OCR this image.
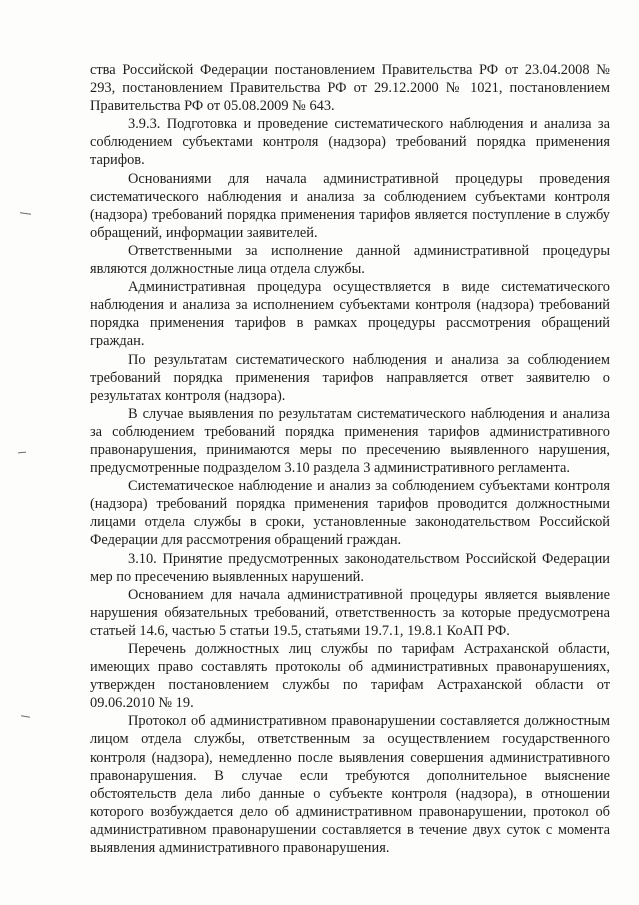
ства Российской Федерации постановлением Правительства РФ от 23.04.2008 № 293, постановлением Правительства РФ от 29.12.2000 № 1021, постановлением Правительства РФ от 05.08.2009 № 643.

3.9.3. Подготовка и проведение систематического наблюдения и анализа за соблюдением субъектами контроля (надзора) требований порядка применения тарифов.

Основаниями для начала административной процедуры проведения систематического наблюдения и анализа за соблюдением субъектами контроля (надзора) требований порядка применения тарифов является поступление в службу обращений, информации заявителей.

Ответственными за исполнение данной административной процедуры являются должностные лица отдела службы.

Административная процедура осуществляется в виде систематического наблюдения и анализа за исполнением субъектами контроля (надзора) требований порядка применения тарифов в рамках процедуры рассмотрения обращений граждан.

По результатам систематического наблюдения и анализа за соблюдением требований порядка применения тарифов направляется ответ заявителю о результатах контроля (надзора).

В случае выявления по результатам систематического наблюдения и анализа за соблюдением требований порядка применения тарифов административного правонарушения, принимаются меры по пресечению выявленного нарушения, предусмотренные подразделом 3.10 раздела 3 административного регламента.

Систематическое наблюдение и анализ за соблюдением субъектами контроля (надзора) требований порядка применения тарифов проводится должностными лицами отдела службы в сроки, установленные законодательством Российской Федерации для рассмотрения обращений граждан.

3.10. Принятие предусмотренных законодательством Российской Федерации мер по пресечению выявленных нарушений.

Основанием для начала административной процедуры является выявление нарушения обязательных требований, ответственность за которые предусмотрена статьей 14.6, частью 5 статьи 19.5, статьями 19.7.1, 19.8.1 КоАП РФ.

Перечень должностных лиц службы по тарифам Астраханской области, имеющих право составлять протоколы об административных правонарушениях, утвержден постановлением службы по тарифам Астраханской области от 09.06.2010 № 19.

Протокол об административном правонарушении составляется должностным лицом отдела службы, ответственным за осуществлением государственного контроля (надзора), немедленно после выявления совершения административного правонарушения. В случае если требуются дополнительное выяснение обстоятельств дела либо данные о субъекте контроля (надзора), в отношении которого возбуждается дело об административном правонарушении, протокол об административном правонарушении составляется в течение двух суток с момента выявления административного правонарушения.
